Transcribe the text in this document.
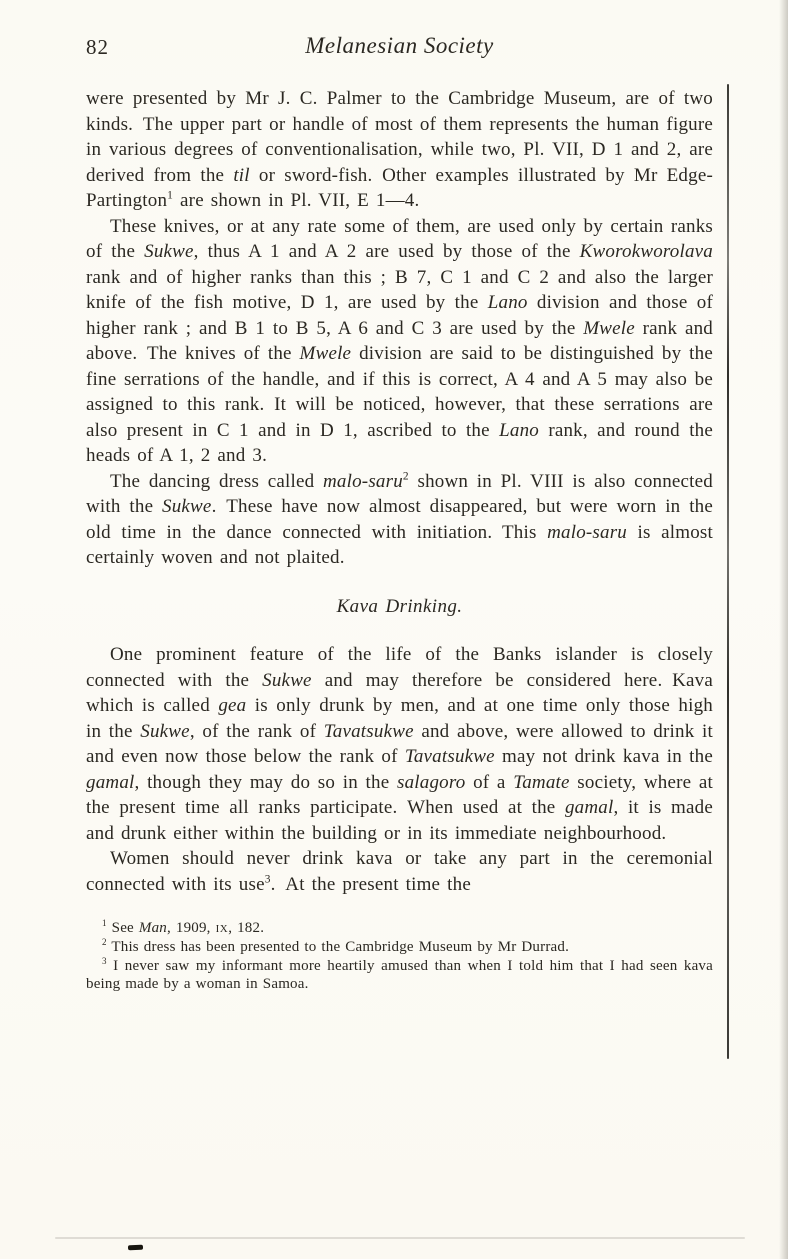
82	Melanesian Society

were presented by Mr J. C. Palmer to the Cambridge Museum, are of two kinds. The upper part or handle of most of them represents the human figure in various degrees of conventionalisation, while two, Pl. VII, D 1 and 2, are derived from the til or sword-fish. Other examples illustrated by Mr Edge-Partington$^1$ are shown in Pl. VII, E 1—4.

These knives, or at any rate some of them, are used only by certain ranks of the Sukwe, thus A 1 and A 2 are used by those of the Kworokworolava rank and of higher ranks than this ; B 7, C 1 and C 2 and also the larger knife of the fish motive, D 1, are used by the Lano division and those of higher rank ; and B 1 to B 5, A 6 and C 3 are used by the Mwele rank and above. The knives of the Mwele division are said to be distinguished by the fine serrations of the handle, and if this is correct, A 4 and A 5 may also be assigned to this rank. It will be noticed, however, that these serrations are also present in C 1 and in D 1, ascribed to the Lano rank, and round the heads of A 1, 2 and 3.

The dancing dress called malo-saru$^2$ shown in Pl. VIII is also connected with the Sukwe. These have now almost disappeared, but were worn in the old time in the dance connected with initiation. This malo-saru is almost certainly woven and not plaited.

Kava Drinking.

One prominent feature of the life of the Banks islander is closely connected with the Sukwe and may therefore be considered here. Kava which is called gea is only drunk by men, and at one time only those high in the Sukwe, of the rank of Tavatsukwe and above, were allowed to drink it and even now those below the rank of Tavatsukwe may not drink kava in the gamal, though they may do so in the salagoro of a Tamate society, where at the present time all ranks participate. When used at the gamal, it is made and drunk either within the building or in its immediate neighbourhood.

Women should never drink kava or take any part in the ceremonial connected with its use$^3$. At the present time the

$^1$ See Man, 1909, ix, 182.

$^2$ This dress has been presented to the Cambridge Museum by Mr Durrad.

$^3$ I never saw my informant more heartily amused than when I told him that I had seen kava being made by a woman in Samoa.
